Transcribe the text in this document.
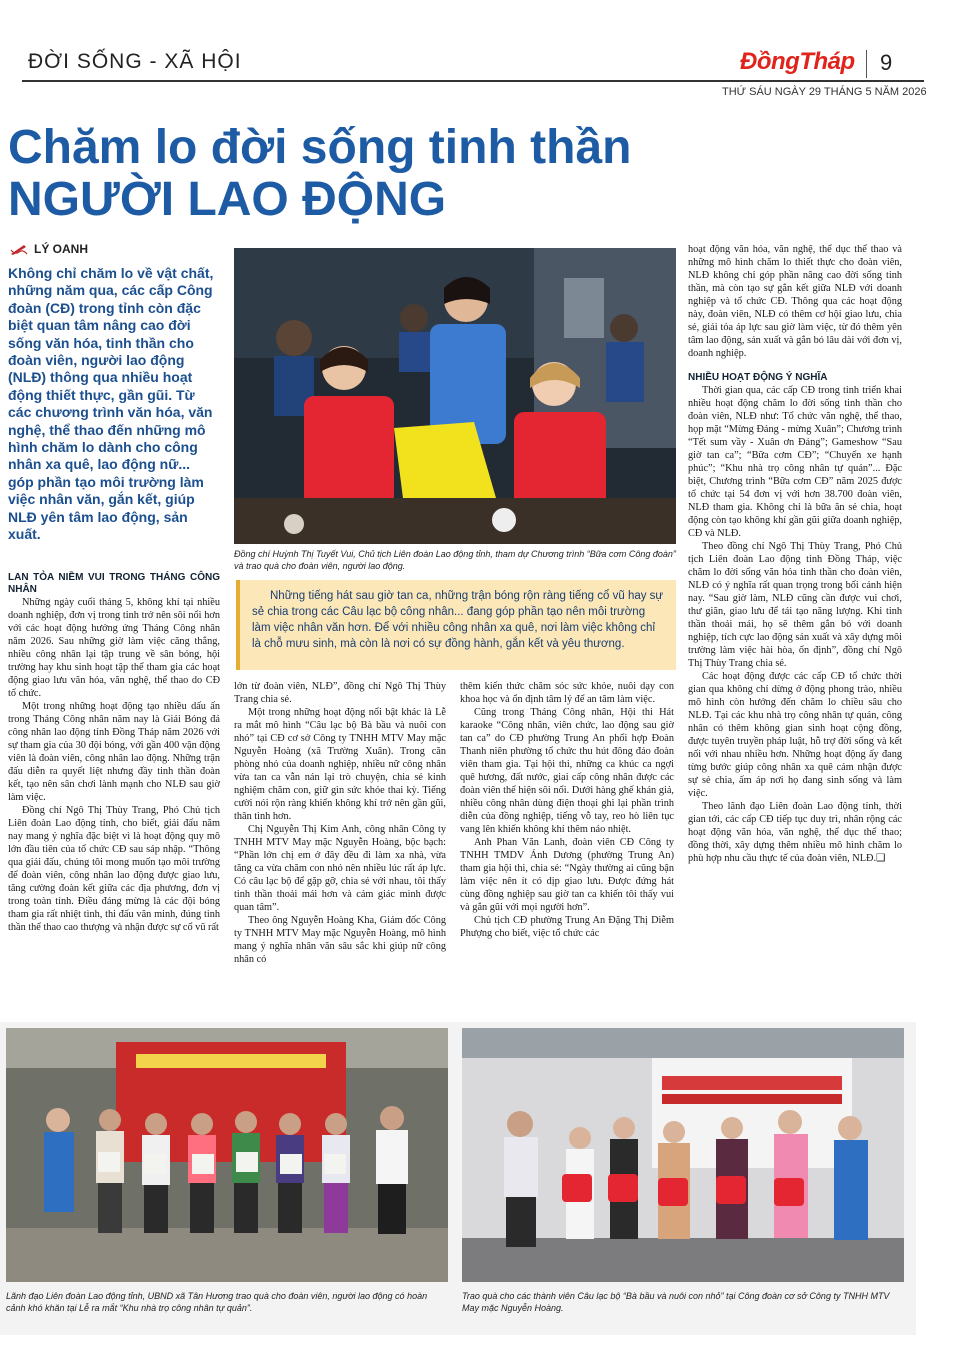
ĐỜI SỐNG - XÃ HỘI	ĐồngTháp 9
THỨ SÁU NGÀY 29 THÁNG 5 NĂM 2026
Chăm lo đời sống tinh thần
NGƯỜI LAO ĐỘNG
LÝ OANH
Không chỉ chăm lo về vật chất, những năm qua, các cấp Công đoàn (CĐ) trong tỉnh còn đặc biệt quan tâm nâng cao đời sống văn hóa, tinh thần cho đoàn viên, người lao động (NLĐ) thông qua nhiều hoạt động thiết thực, gần gũi. Từ các chương trình văn hóa, văn nghệ, thể thao đến những mô hình chăm lo dành cho công nhân xa quê, lao động nữ... góp phần tạo môi trường làm việc nhân văn, gắn kết, giúp NLĐ yên tâm lao động, sản xuất.
Đồng chí Huỳnh Thị Tuyết Vui, Chủ tịch Liên đoàn Lao động tỉnh, tham dự Chương trình “Bữa cơm Công đoàn” và trao quà cho đoàn viên, người lao động.

LAN TỎA NIỀM VUI TRONG THÁNG CÔNG NHÂN

Những ngày cuối tháng 5, không khí tại nhiều doanh nghiệp, đơn vị trong tỉnh trở nên sôi nổi hơn với các hoạt động hưởng ứng Tháng Công nhân năm 2026. Sau những giờ làm việc căng thẳng, nhiều công nhân lại tập trung về sân bóng, hội trường hay khu sinh hoạt tập thể tham gia các hoạt động giao lưu văn hóa, văn nghệ, thể thao do CĐ tổ chức.

Một trong những hoạt động tạo nhiều dấu ấn trong Tháng Công nhân năm nay là Giải Bóng đá công nhân lao động tỉnh Đồng Tháp năm 2026 với sự tham gia của 30 đội bóng, với gần 400 vận động viên là đoàn viên, công nhân lao động. Những trận đấu diễn ra quyết liệt nhưng đầy tinh thần đoàn kết, tạo nên sân chơi lành mạnh cho NLĐ sau giờ làm việc.

Đồng chí Ngô Thị Thùy Trang, Phó Chủ tịch Liên đoàn Lao động tỉnh, cho biết, giải đấu năm nay mang ý nghĩa đặc biệt vì là hoạt động quy mô lớn đầu tiên của tổ chức CĐ sau sáp nhập. “Thông qua giải đấu, chúng tôi mong muốn tạo môi trường để đoàn viên, công nhân lao động được giao lưu, tăng cường đoàn kết giữa các địa phương, đơn vị trong toàn tỉnh. Điều đáng mừng là các đội bóng tham gia rất nhiệt tình, thi đấu văn minh, đúng tinh thần thể thao cao thượng và nhận được sự cổ vũ rất

Những tiếng hát sau giờ tan ca, những trận bóng rộn ràng tiếng cổ vũ hay sự sẻ chia trong các Câu lạc bộ công nhân... đang góp phần tạo nên môi trường làm việc nhân văn hơn. Để với nhiều công nhân xa quê, nơi làm việc không chỉ là chỗ mưu sinh, mà còn là nơi có sự đồng hành, gắn kết và yêu thương.

lớn từ đoàn viên, NLĐ”, đồng chí Ngô Thị Thùy Trang chia sẻ.

Một trong những hoạt động nổi bật khác là Lễ ra mắt mô hình “Câu lạc bộ Bà bầu và nuôi con nhỏ” tại CĐ cơ sở Công ty TNHH MTV May mặc Nguyễn Hoàng (xã Trường Xuân). Trong căn phòng nhỏ của doanh nghiệp, nhiều nữ công nhân vừa tan ca vẫn nán lại trò chuyện, chia sẻ kinh nghiệm chăm con, giữ gìn sức khỏe thai kỳ. Tiếng cười nói rộn ràng khiến không khí trở nên gần gũi, thân tình hơn.

Chị Nguyễn Thị Kim Anh, công nhân Công ty TNHH MTV May mặc Nguyễn Hoàng, bộc bạch: “Phần lớn chị em ở đây đều đi làm xa nhà, vừa tăng ca vừa chăm con nhỏ nên nhiều lúc rất áp lực. Có câu lạc bộ để gặp gỡ, chia sẻ với nhau, tôi thấy tinh thần thoải mái hơn và cảm giác mình được quan tâm”.

Theo ông Nguyễn Hoàng Kha, Giám đốc Công ty TNHH MTV May mặc Nguyễn Hoàng, mô hình mang ý nghĩa nhân văn sâu sắc khi giúp nữ công nhân có

thêm kiến thức chăm sóc sức khỏe, nuôi dạy con khoa học và ổn định tâm lý để an tâm làm việc.

Cũng trong Tháng Công nhân, Hội thi Hát karaoke “Công nhân, viên chức, lao động sau giờ tan ca” do CĐ phường Trung An phối hợp Đoàn Thanh niên phường tổ chức thu hút đông đảo đoàn viên tham gia. Tại hội thi, những ca khúc ca ngợi quê hương, đất nước, giai cấp công nhân được các đoàn viên thể hiện sôi nổi. Dưới hàng ghế khán giả, nhiều công nhân dùng điện thoại ghi lại phần trình diễn của đồng nghiệp, tiếng vỗ tay, reo hò liên tục vang lên khiến không khí thêm náo nhiệt.

Anh Phan Văn Lanh, đoàn viên CĐ Công ty TNHH TMDV Ánh Dương (phường Trung An) tham gia hội thi, chia sẻ: “Ngày thường ai cũng bận làm việc nên ít có dịp giao lưu. Được đứng hát cùng đồng nghiệp sau giờ tan ca khiến tôi thấy vui và gắn gũi với mọi người hơn”.

Chủ tịch CĐ phường Trung An Đặng Thị Diễm Phượng cho biết, việc tổ chức các

hoạt động văn hóa, văn nghệ, thể dục thể thao và những mô hình chăm lo thiết thực cho đoàn viên, NLĐ không chỉ góp phần nâng cao đời sống tinh thần, mà còn tạo sự gắn kết giữa NLĐ với doanh nghiệp và tổ chức CĐ. Thông qua các hoạt động này, đoàn viên, NLĐ có thêm cơ hội giao lưu, chia sẻ, giải tỏa áp lực sau giờ làm việc, từ đó thêm yên tâm lao động, sản xuất và gắn bó lâu dài với đơn vị, doanh nghiệp.

NHIỀU HOẠT ĐỘNG Ý NGHĨA

Thời gian qua, các cấp CĐ trong tỉnh triển khai nhiều hoạt động chăm lo đời sống tinh thần cho đoàn viên, NLĐ như: Tổ chức văn nghệ, thể thao, họp mặt “Mừng Đảng - mừng Xuân”; Chương trình “Tết sum vầy - Xuân ơn Đảng”; Gameshow “Sau giờ tan ca”; “Bữa cơm CĐ”; “Chuyến xe hạnh phúc”; “Khu nhà trọ công nhân tự quản”... Đặc biệt, Chương trình “Bữa cơm CĐ” năm 2025 được tổ chức tại 54 đơn vị với hơn 38.700 đoàn viên, NLĐ tham gia. Không chỉ là bữa ăn sẻ chia, hoạt động còn tạo không khí gần gũi giữa doanh nghiệp, CĐ và NLĐ.

Theo đồng chí Ngô Thị Thùy Trang, Phó Chủ tịch Liên đoàn Lao động tỉnh Đồng Tháp, việc chăm lo đời sống văn hóa tinh thần cho đoàn viên, NLĐ có ý nghĩa rất quan trọng trong bối cảnh hiện nay. “Sau giờ làm, NLĐ cũng cần được vui chơi, thư giãn, giao lưu để tái tạo năng lượng. Khi tinh thần thoải mái, họ sẽ thêm gắn bó với doanh nghiệp, tích cực lao động sản xuất và xây dựng môi trường làm việc hài hòa, ổn định”, đồng chí Ngô Thị Thùy Trang chia sẻ.

Các hoạt động được các cấp CĐ tổ chức thời gian qua không chỉ dừng ở động phong trào, nhiều mô hình còn hướng đến chăm lo chiều sâu cho NLĐ. Tại các khu nhà trọ công nhân tự quản, công nhân có thêm không gian sinh hoạt cộng đồng, được tuyên truyền pháp luật, hỗ trợ đời sống và kết nối với nhau nhiều hơn. Những hoạt động ấy đang từng bước giúp công nhân xa quê cảm nhận được sự sẻ chia, ấm áp nơi họ đang sinh sống và làm việc.

Theo lãnh đạo Liên đoàn Lao động tỉnh, thời gian tới, các cấp CĐ tiếp tục duy trì, nhân rộng các hoạt động văn hóa, văn nghệ, thể dục thể thao; đồng thời, xây dựng thêm nhiều mô hình chăm lo phù hợp nhu cầu thực tế của đoàn viên, NLĐ.❑

Lãnh đạo Liên đoàn Lao động tỉnh, UBND xã Tân Hương trao quà cho đoàn viên, người lao động có hoàn cảnh khó khăn tại Lễ ra mắt “Khu nhà trọ công nhân tự quản”.
Trao quà cho các thành viên Câu lạc bộ “Bà bầu và nuôi con nhỏ” tại Công đoàn cơ sở Công ty TNHH MTV May mặc Nguyễn Hoàng.
